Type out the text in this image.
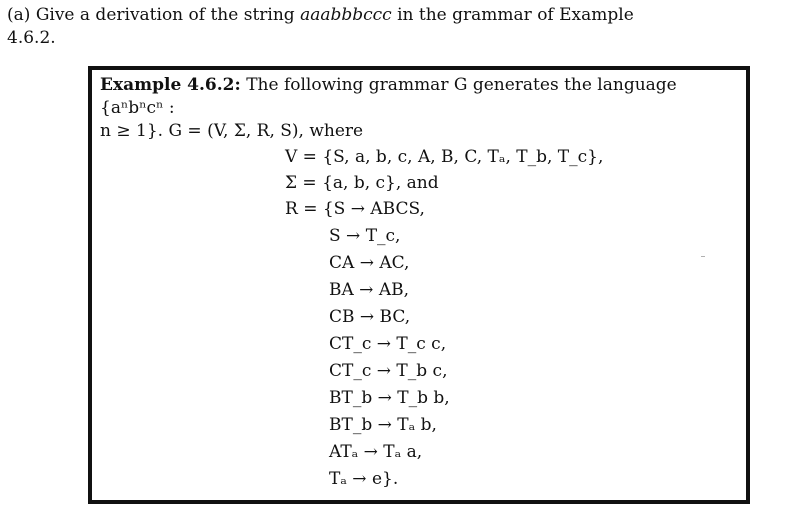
(a) Give a derivation of the string aaabbbccc in the grammar of Example 4.6.2.
Example 4.6.2: The following grammar G generates the language {aⁿbⁿcⁿ :
n ≥ 1}. G = (V, Σ, R, S), where
V = {S, a, b, c, A, B, C, Tₐ, T_b, T_c},
Σ = {a, b, c}, and
R = {S → ABCS,
S → T_c,
CA → AC,
BA → AB,
CB → BC,
CT_c → T_c c,
CT_c → T_b c,
BT_b → T_b b,
BT_b → Tₐ b,
ATₐ → Tₐ a,
Tₐ → e}.
